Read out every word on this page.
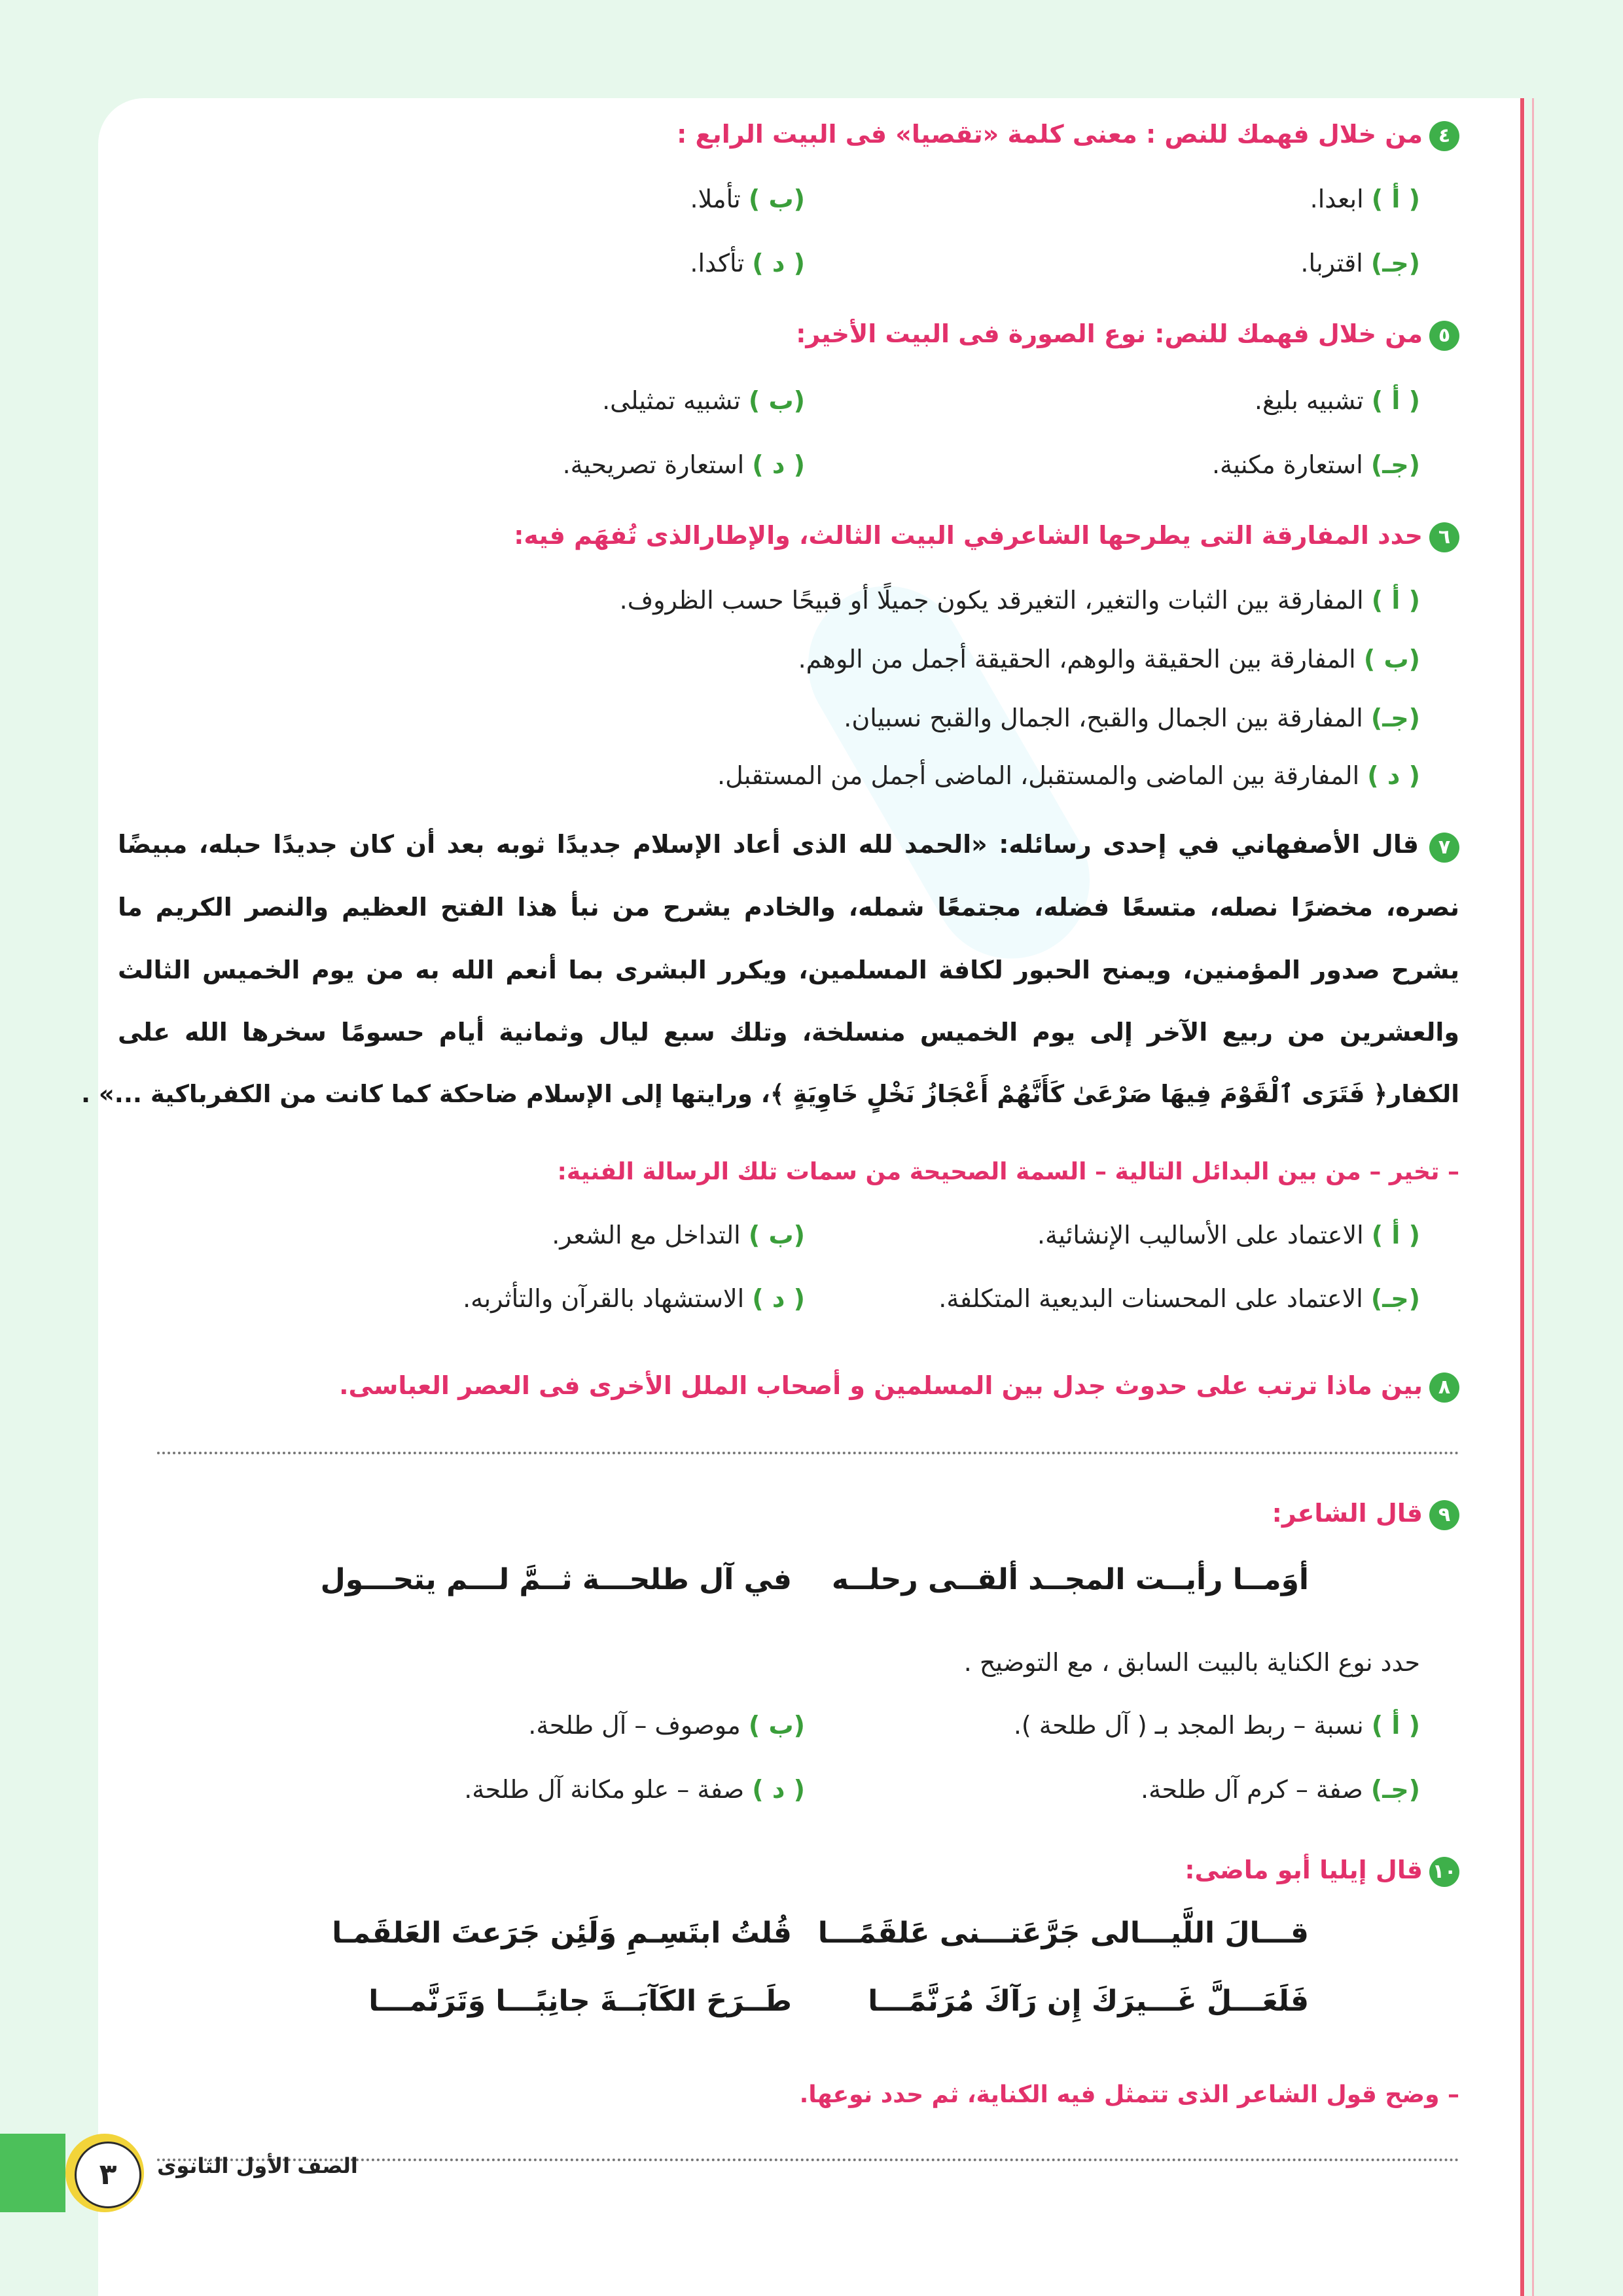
٤من خلال فهمك للنص : معنى كلمة «تقصيا» فى البيت الرابع :
( أ ) ابعدا.
(ب ) تأملا.
(جـ) اقتربا.
( د ) تأكدا.
٥من خلال فهمك للنص: نوع الصورة فى البيت الأخير:
( أ ) تشبيه بليغ.
(ب ) تشبيه تمثيلى.
(جـ) استعارة مكنية.
( د ) استعارة تصريحية.
٦حدد المفارقة التى يطرحها الشاعرفي البيت الثالث، والإطارالذى تُفهَم فيه:
( أ ) المفارقة بين الثبات والتغير، التغيرقد يكون جميلًا أو قبيحًا حسب الظروف.
(ب ) المفارقة بين الحقيقة والوهم، الحقيقة أجمل من الوهم.
(جـ) المفارقة بين الجمال والقبح، الجمال والقبح نسبيان.
( د ) المفارقة بين الماضى والمستقبل، الماضى أجمل من المستقبل.
٧
قال الأصفهاني في إحدى رسائله: «الحمد لله الذى أعاد الإسلام جديدًا ثوبه بعد أن كان جديدًا حبله، مبيضًا
نصره، مخضرًا نصله، متسعًا فضله، مجتمعًا شمله، والخادم يشرح من نبأ هذا الفتح العظيم والنصر الكريم ما
يشرح صدور المؤمنين، ويمنح الحبور لكافة المسلمين، ويكرر البشرى بما أنعم الله به من يوم الخميس الثالث
والعشرين من ربيع الآخر إلى يوم الخميس منسلخة، وتلك سبع ليال وثمانية أيام حسومًا سخرها الله على
الكفار﴿ فَتَرَى ٱلْقَوْمَ فِيهَا صَرْعَىٰ كَأَنَّهُمْ أَعْجَازُ نَخْلٍ خَاوِيَةٍ ﴾، ورايتها إلى الإسلام ضاحكة كما كانت من الكفرباكية ...» .
– تخير – من بين البدائل التالية – السمة الصحيحة من سمات تلك الرسالة الفنية:
( أ ) الاعتماد على الأساليب الإنشائية.
(ب ) التداخل مع الشعر.
(جـ) الاعتماد على المحسنات البديعية المتكلفة.
( د ) الاستشهاد بالقرآن والتأثربه.
٨بين ماذا ترتب على حدوث جدل بين المسلمين و أصحاب الملل الأخرى فى العصر العباسى.
٩قال الشاعر:
أوَمــا رأيــت المجــد ألقــى رحلــه
في آل طلحـــة ثــمَّ لـــم يتحـــول
حدد نوع الكناية بالبيت السابق ، مع التوضيح .
( أ ) نسبة – ربط المجد بـ ( آل طلحة ).
(ب ) موصوف – آل طلحة.
(جـ) صفة – كرم آل طلحة.
( د ) صفة – علو مكانة آل طلحة.
١٠قال إيليا أبو ماضى:
قـــالَ اللَّيـــالى جَرَّعَتـــنى عَلقَمًـــا
قُلتُ ابتَسِـمِ وَلَئِن جَرَعتَ العَلقَمـا
فَلَعَـــلَّ غَـــيرَكَ إِن رَآكَ مُرَنَّمًـــا
طَــرَحَ الكَآبَــةَ جانِبًـــا وَتَرَنَّمـــا
– وضح قول الشاعر الذى تتمثل فيه الكناية، ثم حدد نوعها.
٣	الصف الأول الثانوى
